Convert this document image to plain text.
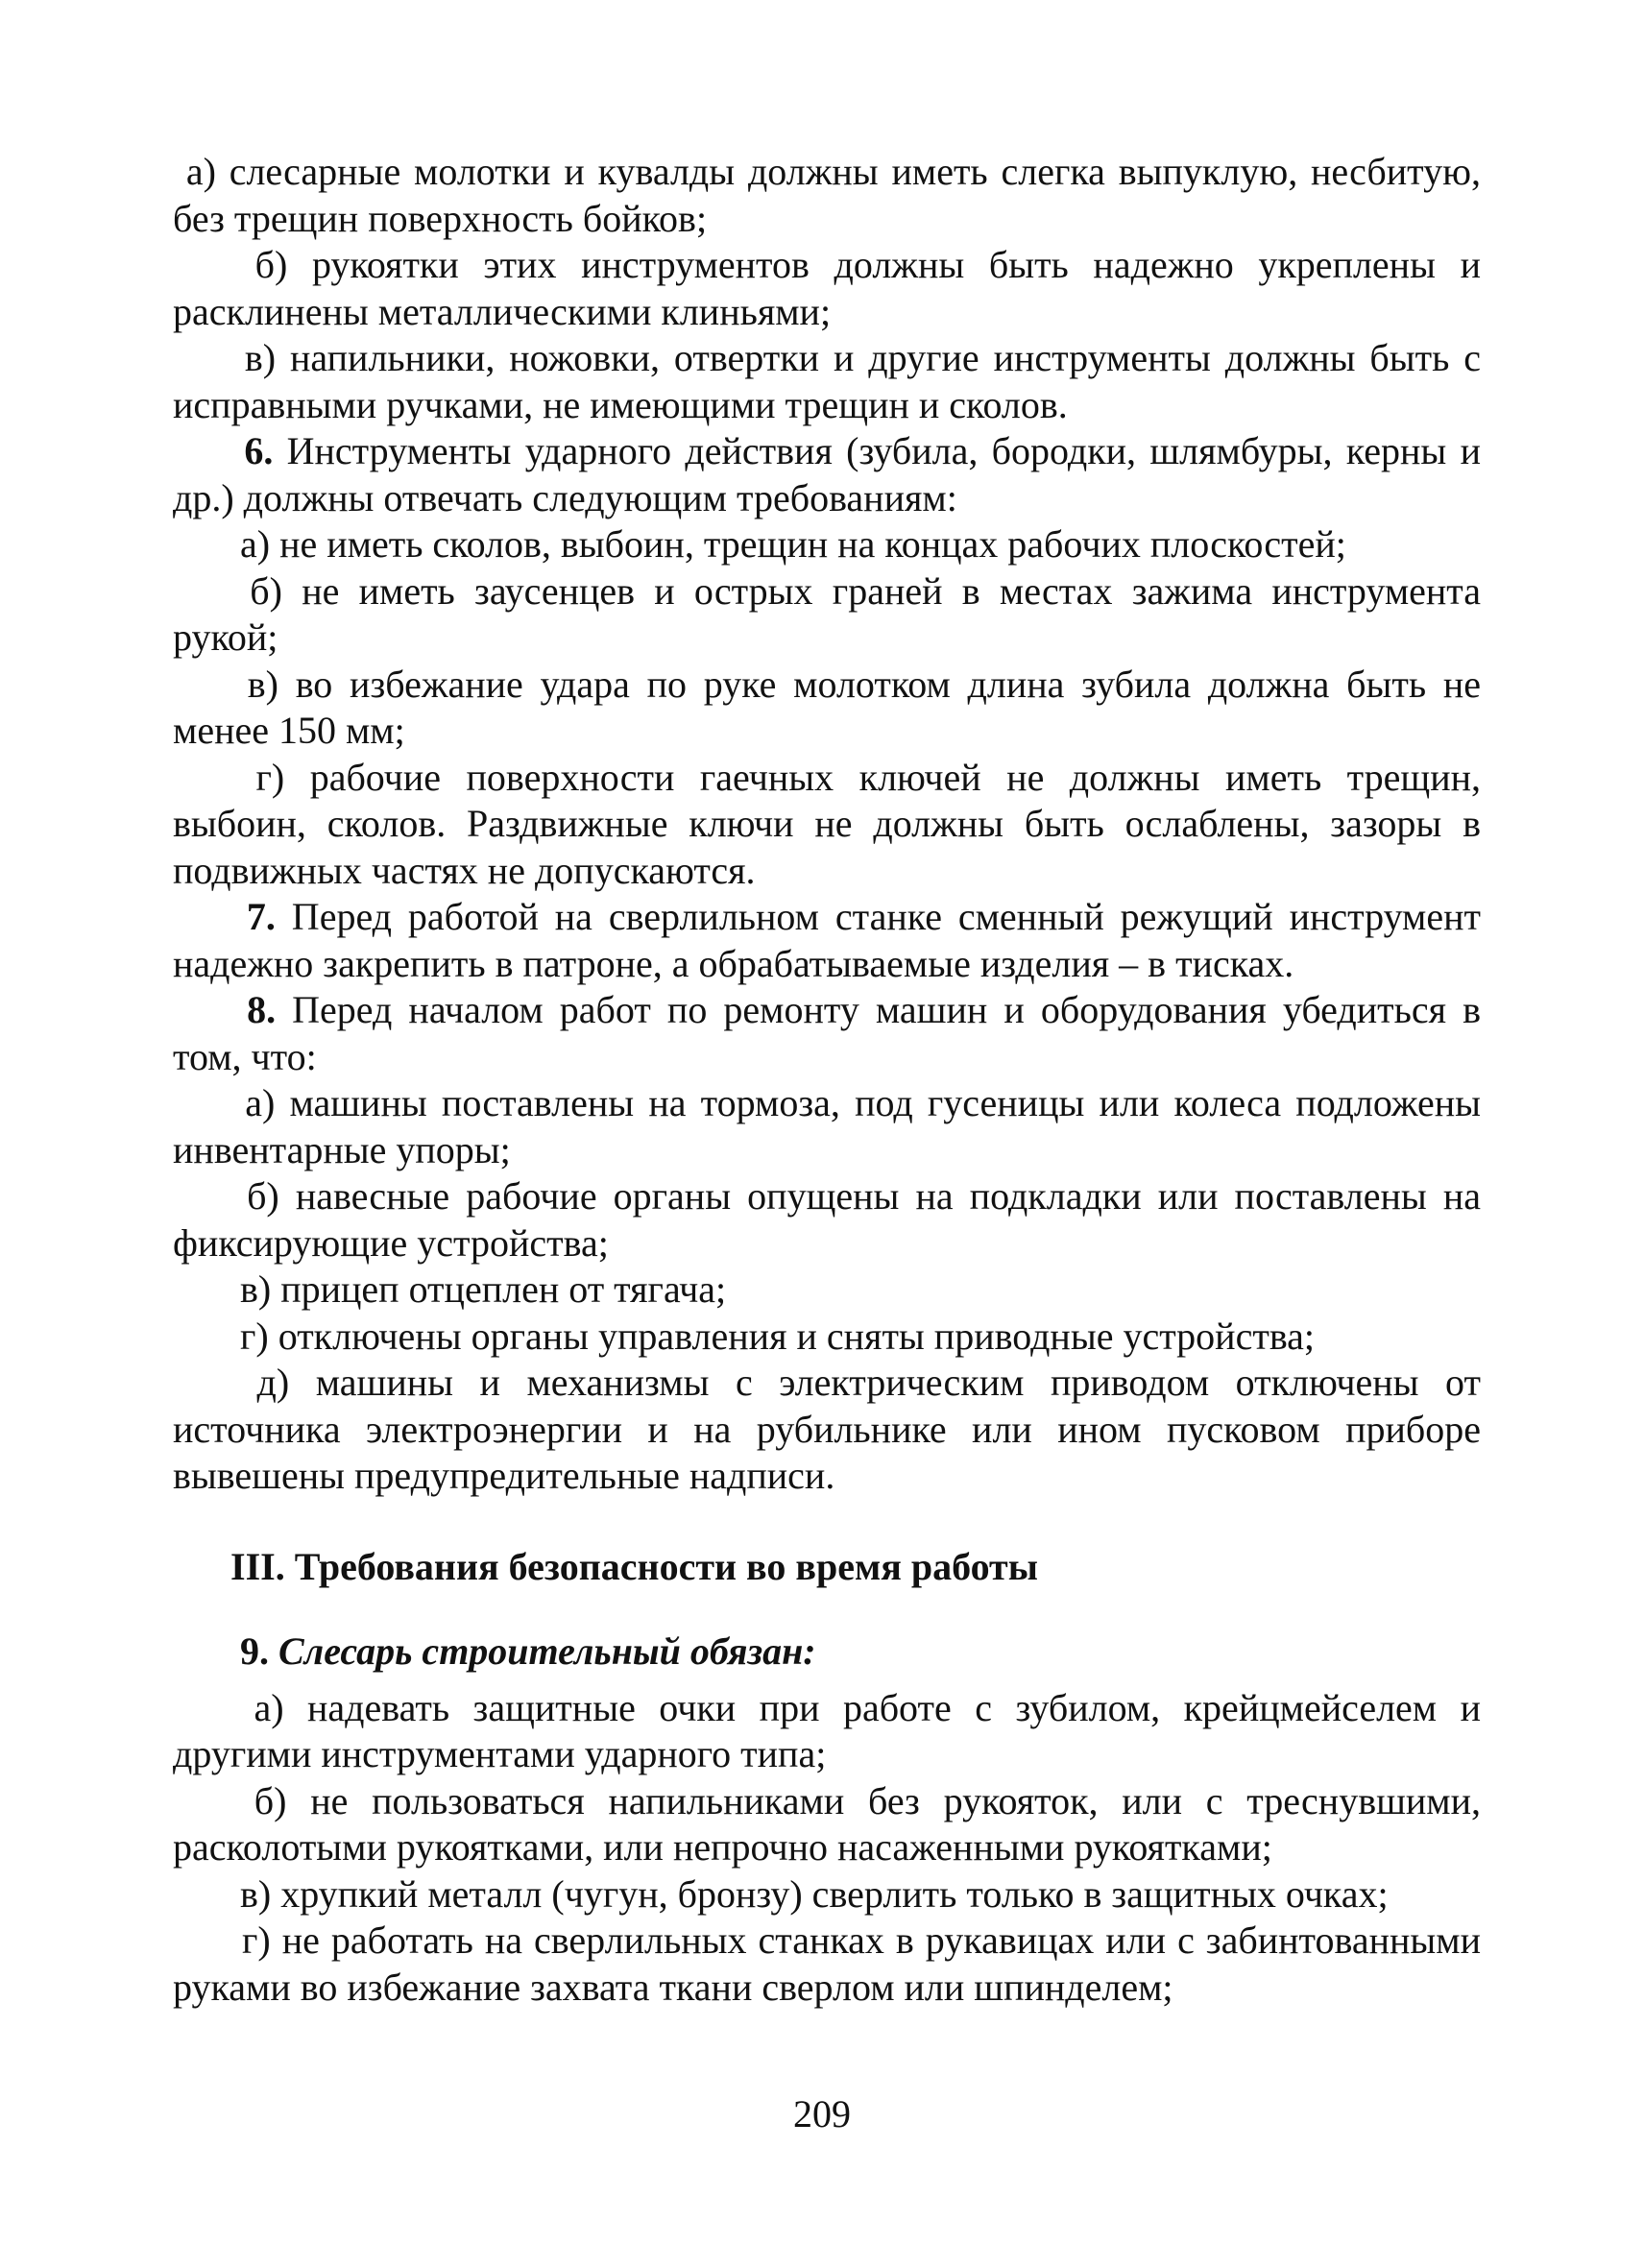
а) слесарные молотки и кувалды должны иметь слегка выпуклую, несбитую, без трещин поверхность бойков;

б) рукоятки этих инструментов должны быть надежно укреплены и расклинены металлическими клиньями;

в) напильники, ножовки, отвертки и другие инструменты должны быть с исправными ручками, не имеющими трещин и сколов.

6. Инструменты ударного действия (зубила, бородки, шлямбуры, керны и др.) должны отвечать следующим требованиям:

а) не иметь сколов, выбоин, трещин на концах рабочих плоскостей;

б) не иметь заусенцев и острых граней в местах зажима инструмента рукой;

в) во избежание удара по руке молотком длина зубила должна быть не менее 150 мм;

г) рабочие поверхности гаечных ключей не должны иметь трещин, выбоин, сколов. Раздвижные ключи не должны быть ослаблены, зазоры в подвижных частях не допускаются.

7. Перед работой на сверлильном станке сменный режущий инструмент надежно закрепить в патроне, а обрабатываемые изделия – в тисках.

8. Перед началом работ по ремонту машин и оборудования убедиться в том, что:

а) машины поставлены на тормоза, под гусеницы или колеса подложены инвентарные упоры;

б) навесные рабочие органы опущены на подкладки или поставлены на фиксирующие устройства;

в) прицеп отцеплен от тягача;

г) отключены органы управления и сняты приводные устройства;

д) машины и механизмы с электрическим приводом отключены от источника электроэнергии и на рубильнике или ином пусковом приборе вывешены предупредительные надписи.

III. Требования безопасности во время работы

9. Слесарь строительный обязан:

а) надевать защитные очки при работе с зубилом, крейцмейселем и другими инструментами ударного типа;

б) не пользоваться напильниками без рукояток, или с треснувшими, расколотыми рукоятками, или непрочно насаженными рукоятками;

в) хрупкий металл (чугун, бронзу) сверлить только в защитных очках;

г) не работать на сверлильных станках в рукавицах или с забинтованными руками во избежание захвата ткани сверлом или шпинделем;

209
